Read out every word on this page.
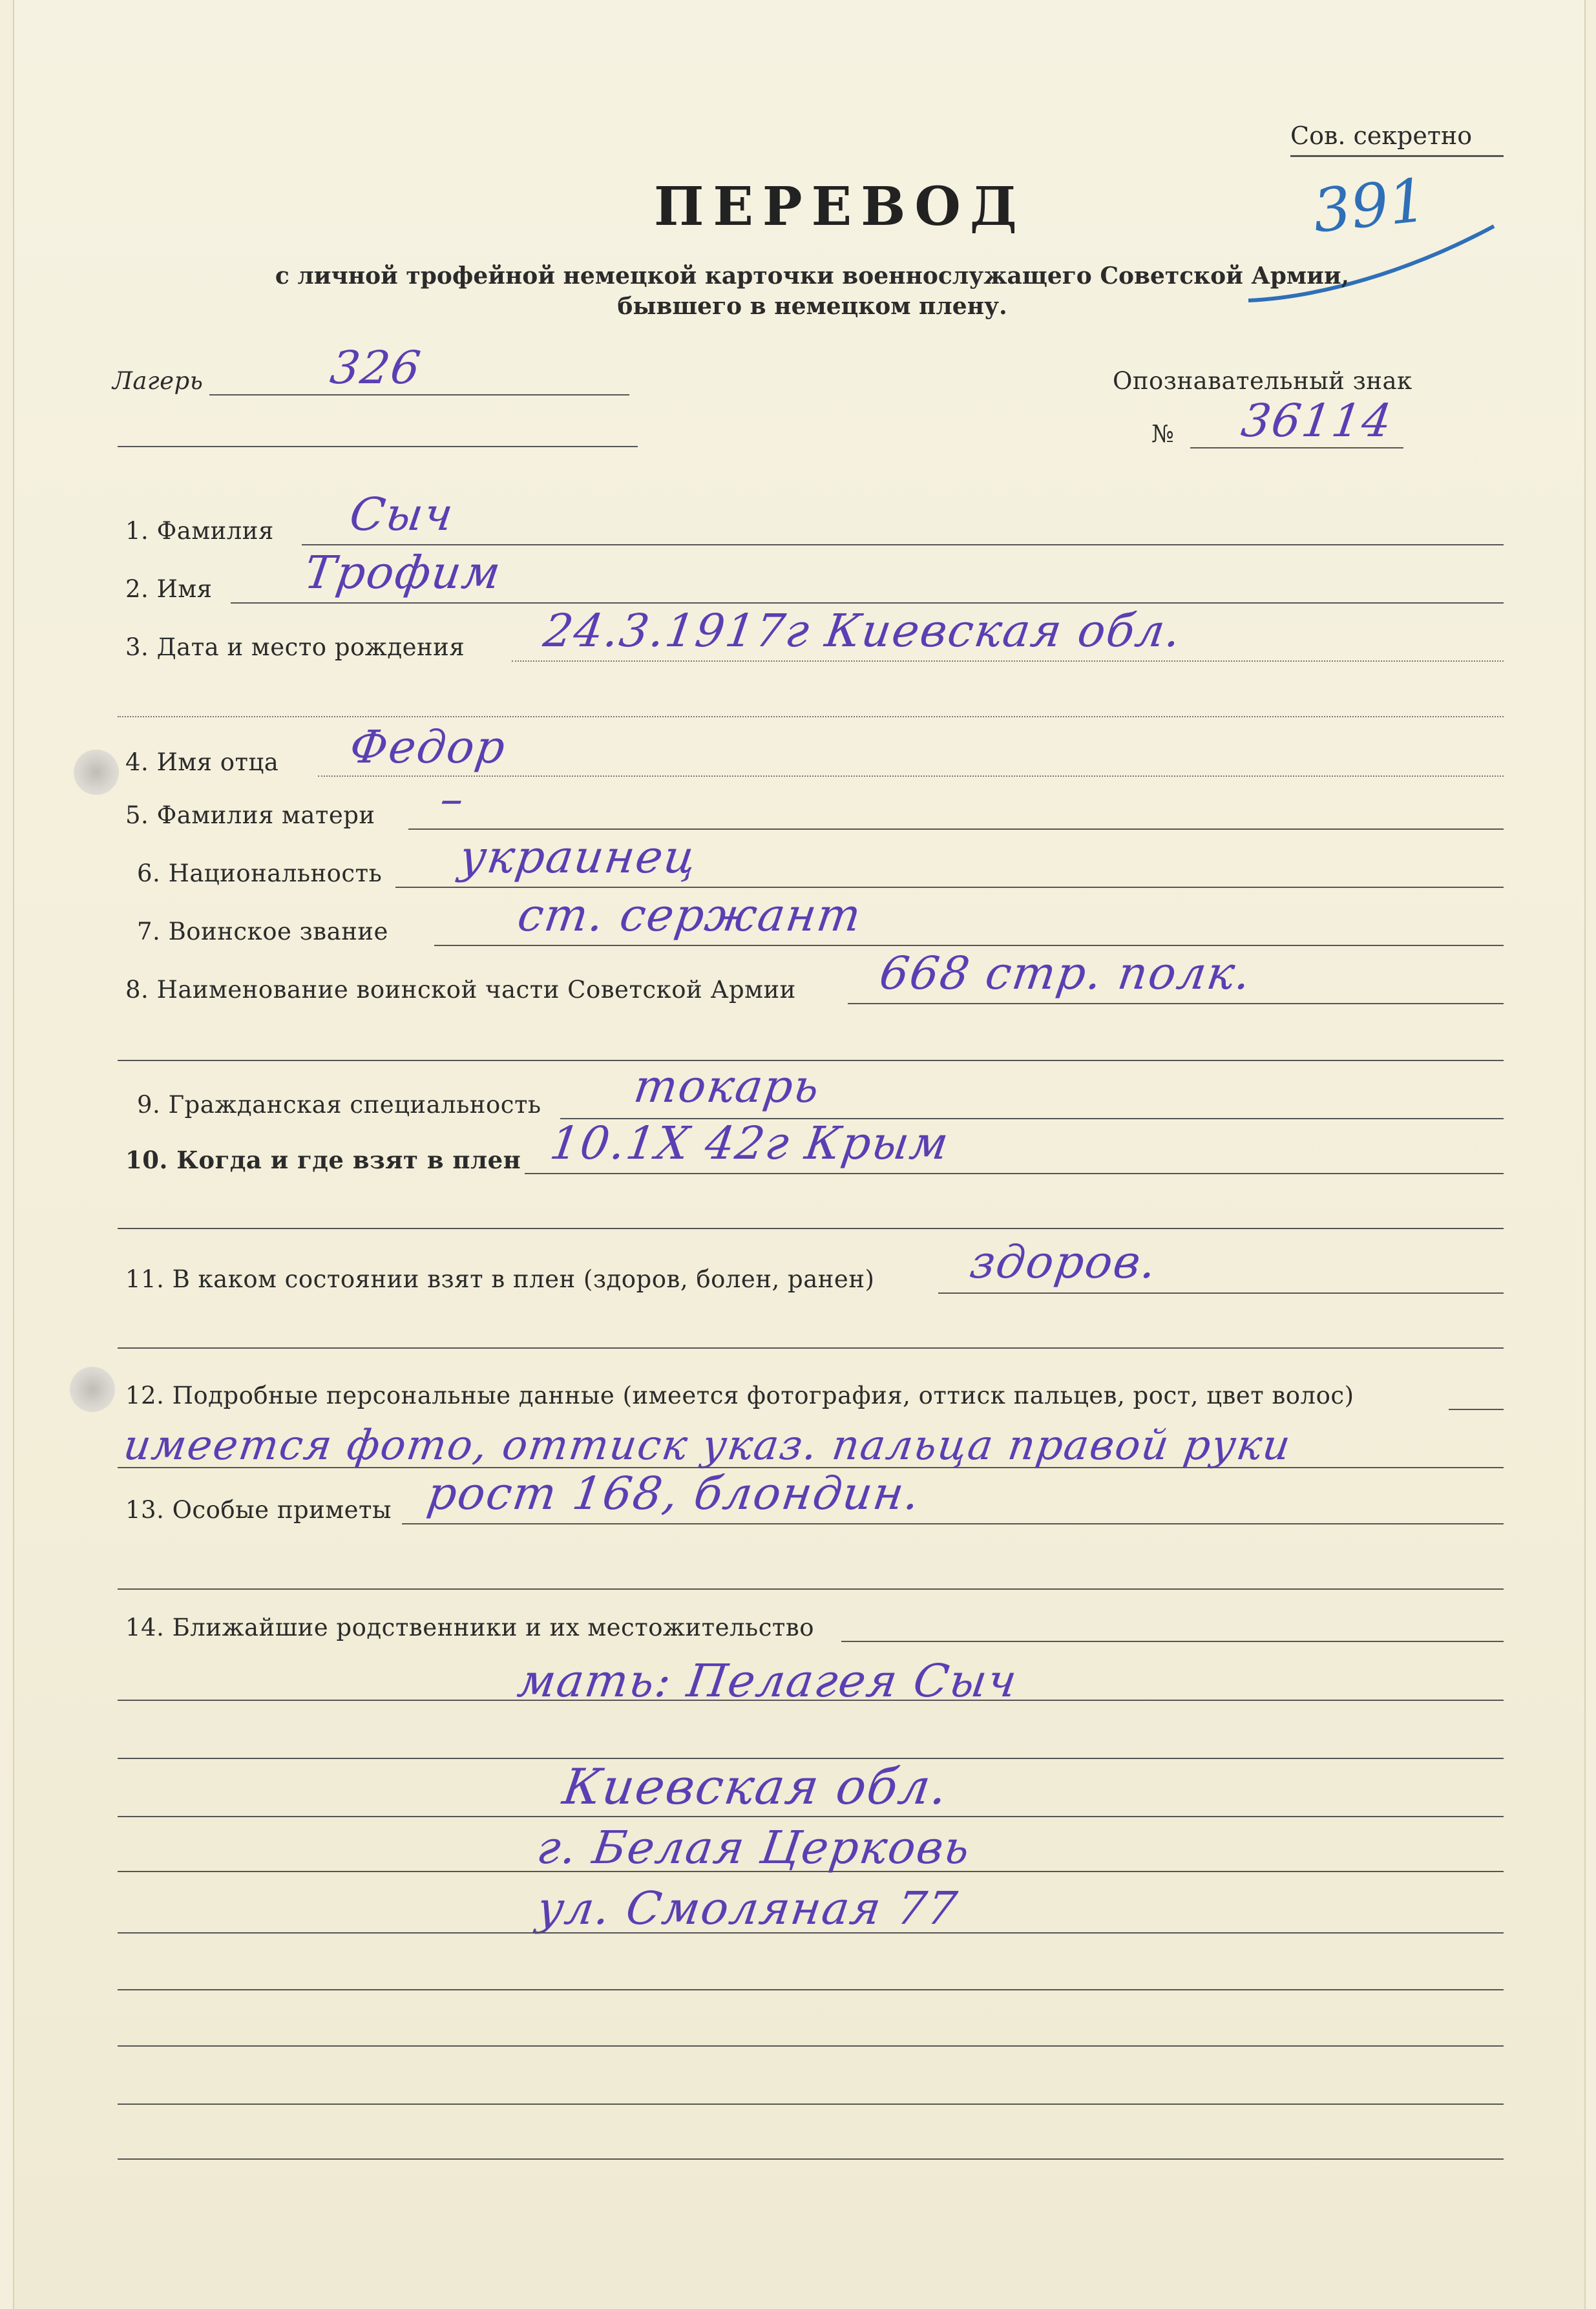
Сов. секретно
391
ПЕРЕВОД
с личной трофейной немецкой карточки военнослужащего Советской Армии,
бывшего в немецком плену.
Лагерь	326	Опознавательный знак
№ 36114
1. Фамилия Сыч
2. Имя Трофим
3. Дата и место рождения 24.3.1917г Киевская обл.
4. Имя отца Федор
5. Фамилия матери –
6. Национальность украинец
7. Воинское звание	ст. сержант
8. Наименование воинской части Советской Армии 668 стр. полк.
9. Гражданская специальность токарь
10. Когда и где взят в плен 10.1X 42г Крым
11. В каком состоянии взят в плен (здоров, болен, ранен) здоров.
12. Подробные персональные данные (имеется фотография, оттиск пальцев, рост, цвет волос)
имеется фото, оттиск указ. пальца правой руки
13. Особые приметы рост 168, блондин.
14. Ближайшие родственники и их местожительство
мать: Пелагея Сыч
Киевская обл.
г. Белая Церковь
ул. Смоляная 77
